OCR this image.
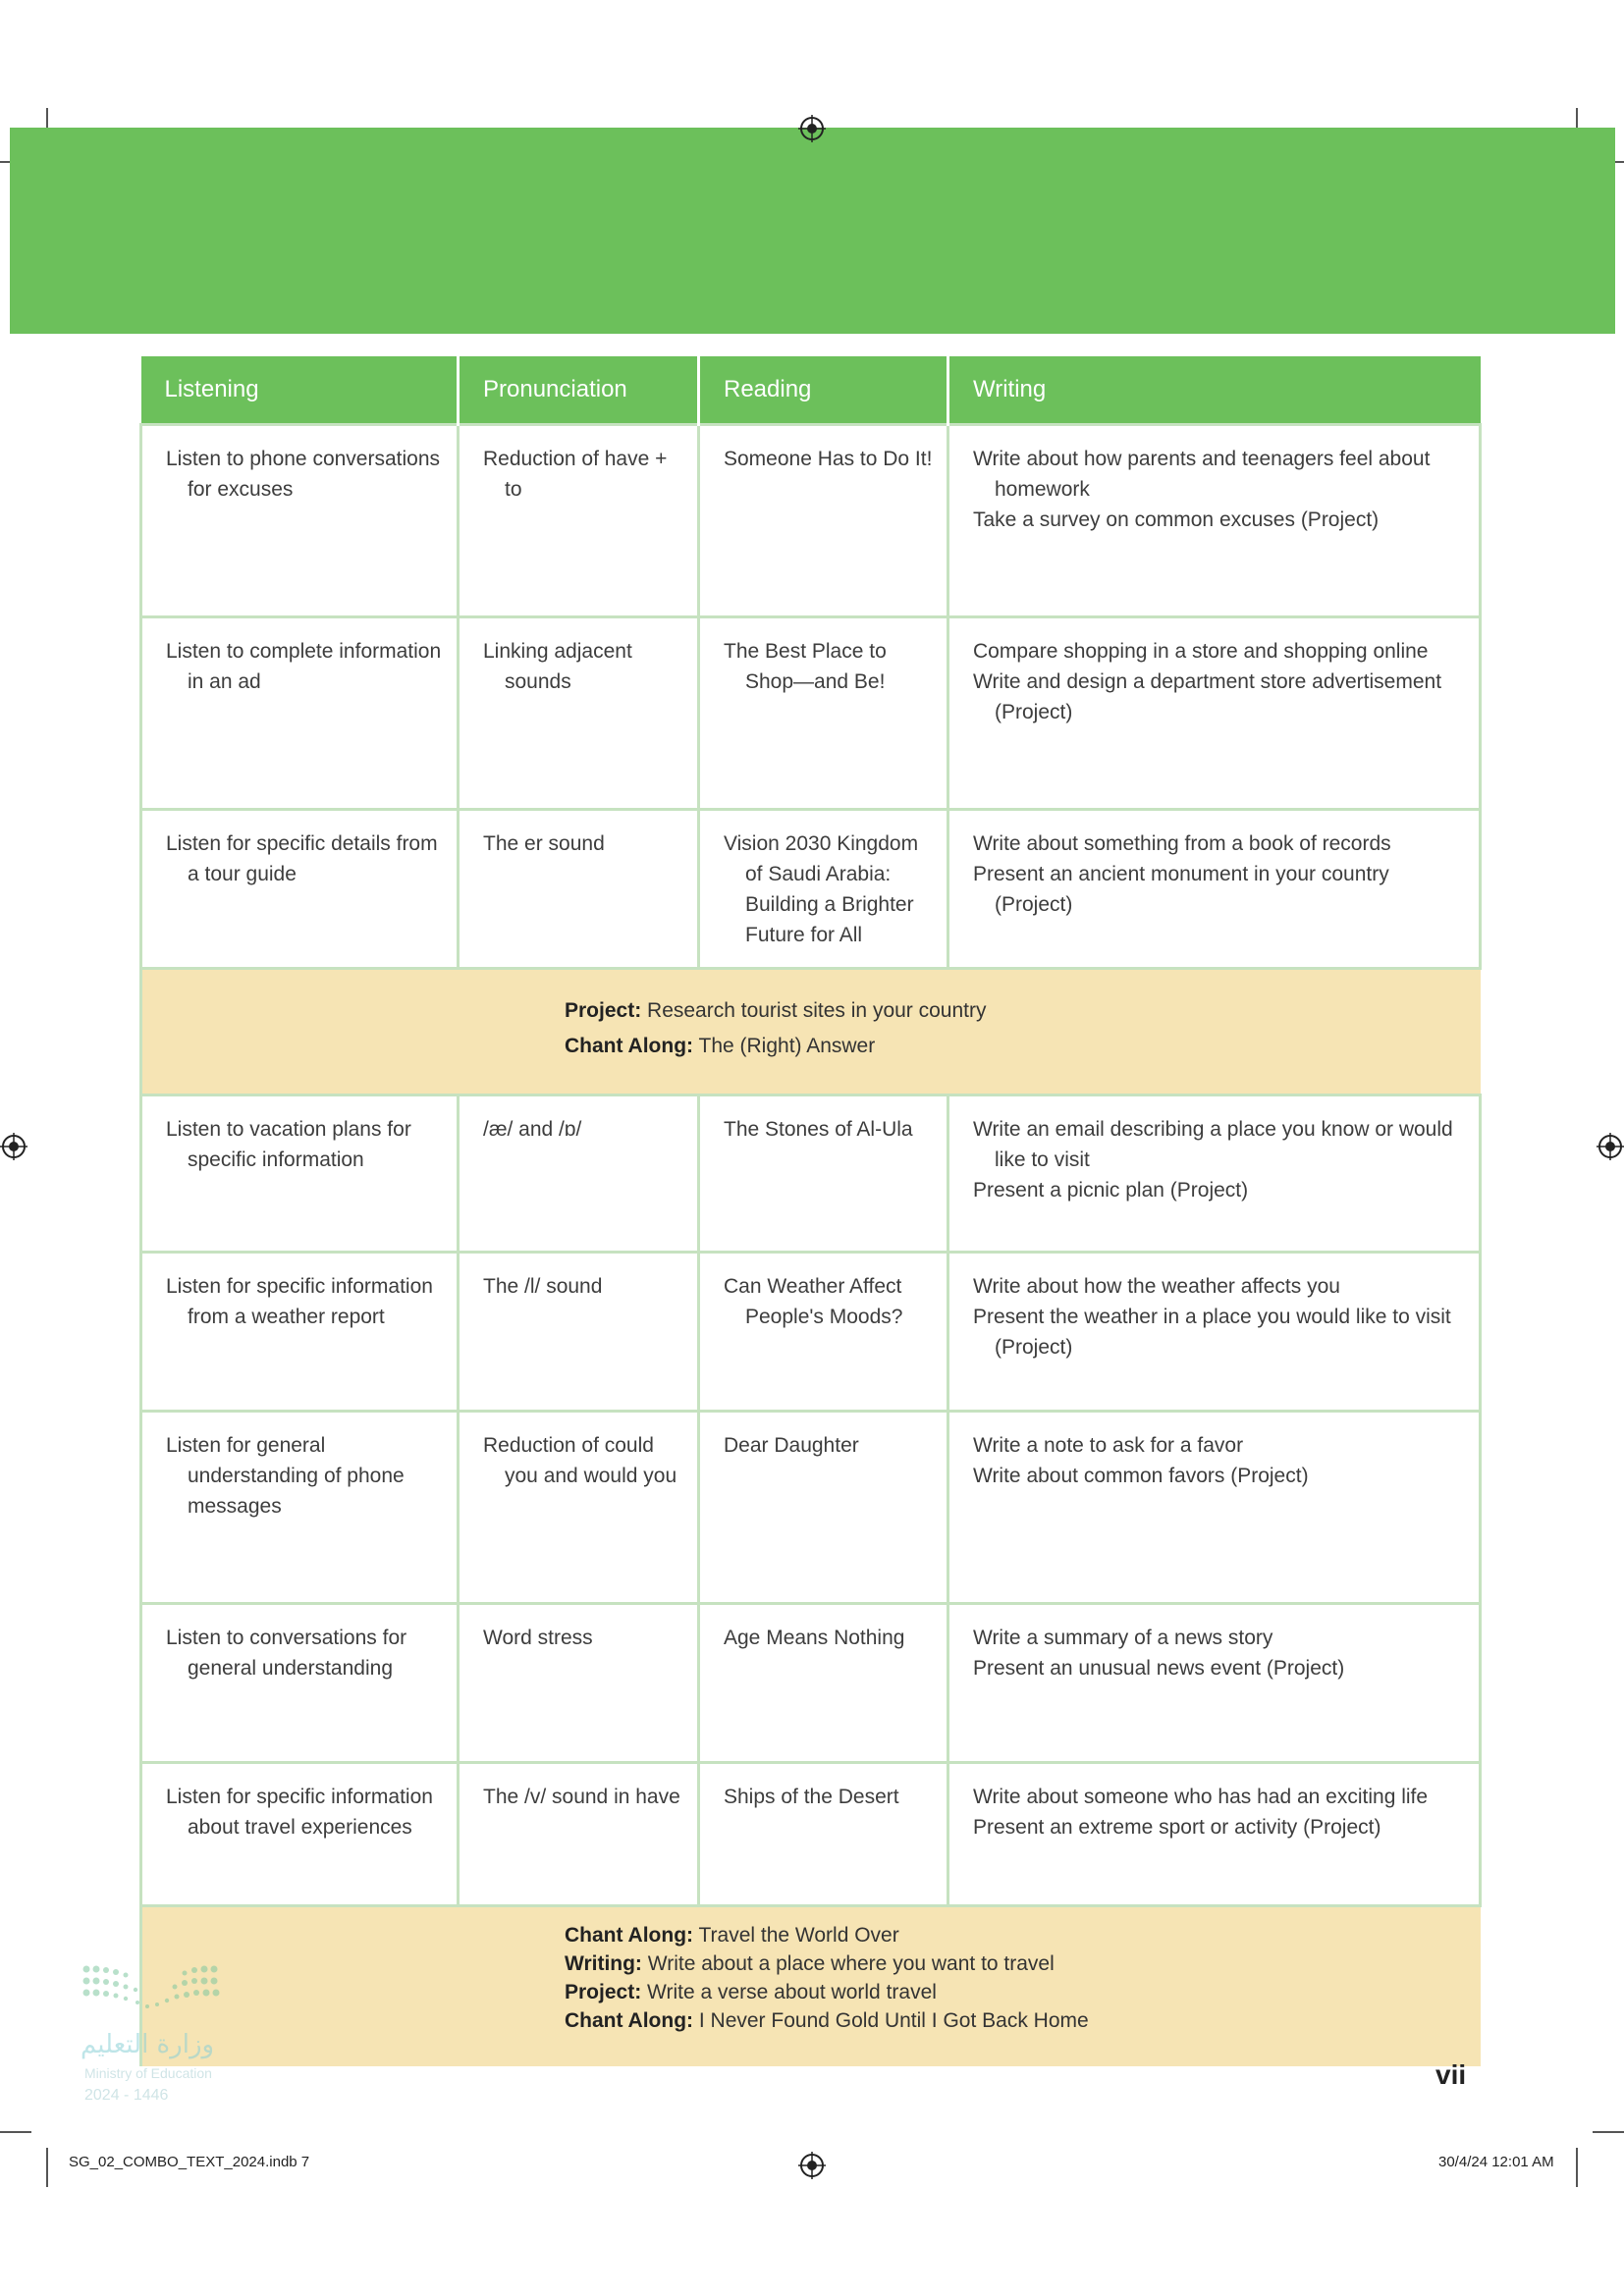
Listening	Pronunciation	Reading	Writing

Listen to phone conversations for excuses	Reduction of have + to	Someone Has to Do It!	Write about how parents and teenagers feel about homework
Take a survey on common excuses (Project)

Listen to complete information in an ad	Linking adjacent sounds	The Best Place to Shop—and Be!	Compare shopping in a store and shopping online
Write and design a department store advertisement (Project)

Listen for specific details from a tour guide	The er sound	Vision 2030 Kingdom of Saudi Arabia: Building a Brighter Future for All	Write about something from a book of records
Present an ancient monument in your country (Project)

Project: Research tourist sites in your country
Chant Along: The (Right) Answer			

Listen to vacation plans for specific information	/æ/ and /ɒ/	The Stones of Al-Ula	Write an email describing a place you know or would like to visit
Present a picnic plan (Project)

Listen for specific information from a weather report	The /l/ sound	Can Weather Affect People's Moods?	Write about how the weather affects you
Present the weather in a place you would like to visit (Project)

Listen for general understanding of phone messages	Reduction of could you and would you	Dear Daughter	Write a note to ask for a favor
Write about common favors (Project)

Listen to conversations for general understanding	Word stress	Age Means Nothing	Write a summary of a news story
Present an unusual news event (Project)

Listen for specific information about travel experiences	The /v/ sound in have	Ships of the Desert	Write about someone who has had an exciting life
Present an extreme sport or activity (Project)

Chant Along: Travel the World Over
Writing: Write about a place where you want to travel
Project: Write a verse about world travel
Chant Along: I Never Found Gold Until I Got Back Home			
وزارة التعليم
Ministry of Education
2024 - 1446
vii
SG_02_COMBO_TEXT_2024.indb 7	30/4/24 12:01 AM
